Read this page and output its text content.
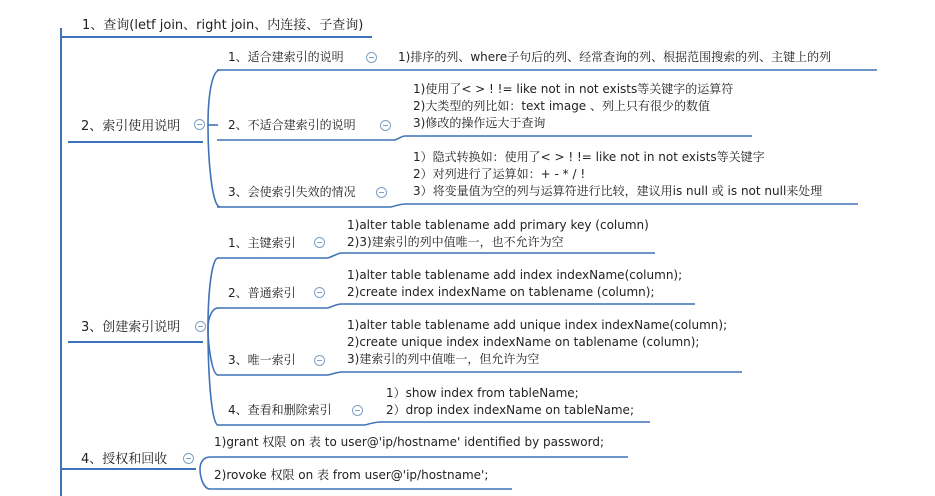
1、查询(letf join、right join、内连接、子查询)
2、索引使用说明
3、创建索引说明
4、授权和回收
1、适合建索引的说明	1)排序的列、where子句后的列、经常查询的列、根据范围搜索的列、主键上的列
2、不适合建索引的说明
1)使用了< > ! != like not in not exists等关键字的运算符
2)大类型的列比如：text image 、列上只有很少的数值
3)修改的操作远大于查询
3、会使索引失效的情况
1）隐式转换如：使用了< > ! != like not in not exists等关键字
2）对列进行了运算如：+ - * / !
3）将变量值为空的列与运算符进行比较，建议用is null 或 is not null来处理
1、主键索引
1)alter table tablename add primary key (column)
2)3)建索引的列中值唯一，也不允许为空
2、普通索引
1)alter table tablename add index indexName(column);
2)create index indexName on tablename (column);
3、唯一索引
1)alter table tablename add unique index indexName(column);
2)create unique index indexName on tablename (column);
3)建索引的列中值唯一，但允许为空
4、查看和删除索引
1）show index from tableName;
2）drop index indexName on tableName;
1)grant 权限 on 表 to user@'ip/hostname' identified by password;
2)rovoke 权限 on 表 from user@'ip/hostname';
